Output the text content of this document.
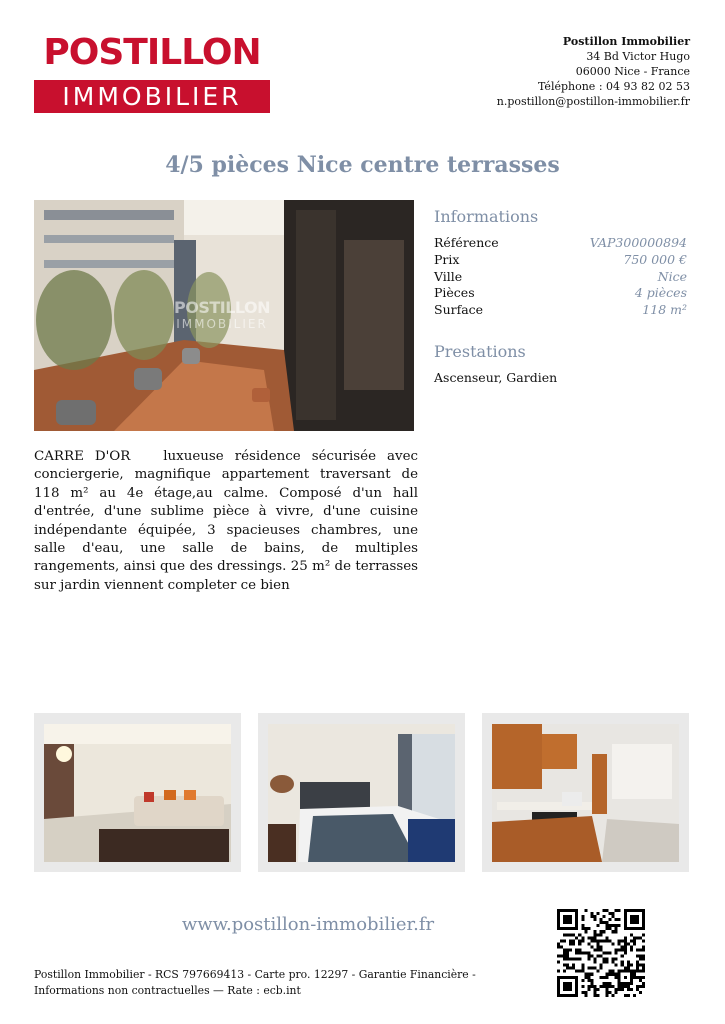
POSTILLON
IMMOBILIER
Postillon Immobilier
34 Bd Victor Hugo
06000 Nice - France
Téléphone : 04 93 82 02 53
n.postillon@postillon-immobilier.fr
4/5 pièces Nice centre terrasses
POSTILLON
IMMOBILIER
Informations
Référence	VAP300000894
Prix	750 000 €
Ville	Nice
Pièces	4 pièces
Surface	118 m²
Prestations
Ascenseur, Gardien
CARRE D'OR   luxueuse résidence sécurisée avec conciergerie, magnifique appartement traversant de 118 m² au 4e étage,au calme. Composé d'un hall d'entrée, d'une sublime pièce à vivre, d'une cuisine indépendante équipée, 3 spacieuses chambres, une salle d'eau, une salle de bains, de multiples rangements, ainsi que des dressings. 25 m² de terrasses  sur jardin viennent completer ce bien
www.postillon-immobilier.fr
Postillon Immobilier - RCS 797669413 - Carte pro. 12297 - Garantie Financière - Informations non contractuelles — Rate : ecb.int
